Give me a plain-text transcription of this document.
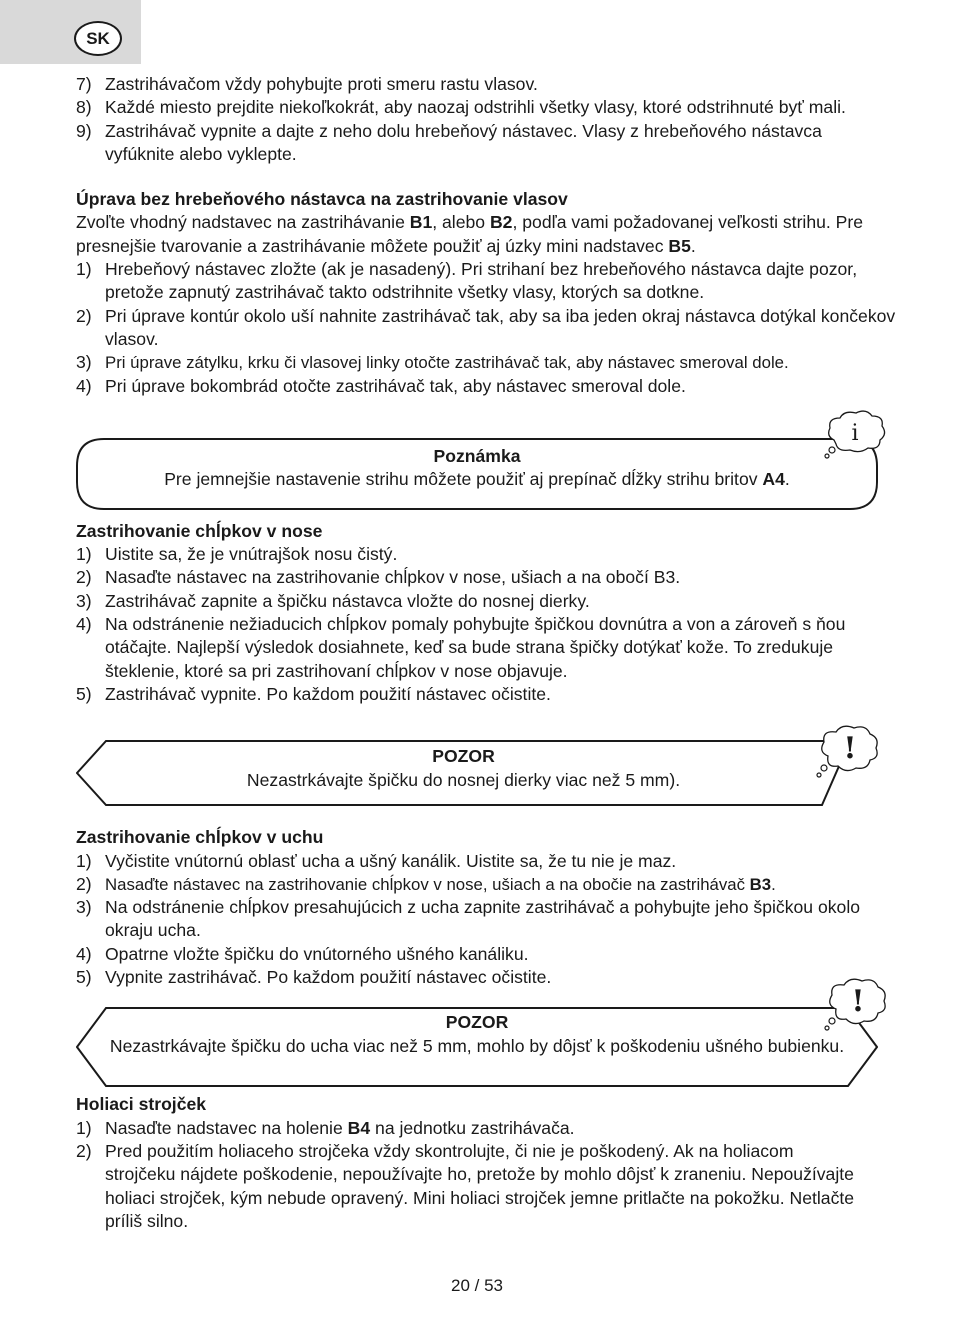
SK
7) Zastrihávačom vždy pohybujte proti smeru rastu vlasov.
8) Každé miesto prejdite niekoľkokrát, aby naozaj odstrihli všetky vlasy, ktoré odstrihnuté byť mali.
9) Zastrihávač vypnite a dajte z neho dolu hrebeňový nástavec. Vlasy z hrebeňového nástavca vyfúknite alebo vyklepte.
Úprava bez hrebeňového nástavca na zastrihovanie vlasov
Zvoľte vhodný nadstavec na zastrihávanie B1, alebo B2, podľa vami požadovanej veľkosti strihu. Pre presnejšie tvarovanie a zastrihávanie môžete použiť aj úzky mini nadstavec B5.
1) Hrebeňový nástavec zložte (ak je nasadený). Pri strihaní bez hrebeňového nástavca dajte pozor, pretože zapnutý zastrihávač takto odstrihnite všetky vlasy, ktorých sa dotkne.
2) Pri úprave kontúr okolo uší nahnite zastrihávač tak, aby sa iba jeden okraj nástavca dotýkal končekov vlasov.
3) Pri úprave zátylku, krku či vlasovej linky otočte zastrihávač tak, aby nástavec smeroval dole.
4) Pri úprave bokombrád otočte zastrihávač tak, aby nástavec smeroval dole.
Poznámka
Pre jemnejšie nastavenie strihu môžete použiť aj prepínač dĺžky strihu britov A4.
i
Zastrihovanie chĺpkov v nose
1) Uistite sa, že je vnútrajšok nosu čistý.
2) Nasaďte nástavec na zastrihovanie chĺpkov v nose, ušiach a na obočí B3.
3) Zastrihávač zapnite a špičku nástavca vložte do nosnej dierky.
4) Na odstránenie nežiaducich chĺpkov pomaly pohybujte špičkou dovnútra a von a zároveň s ňou otáčajte. Najlepší výsledok dosiahnete, keď sa bude strana špičky dotýkať kože. To zredukuje šteklenie, ktoré sa pri zastrihovaní chĺpkov v nose objavuje.
5) Zastrihávač vypnite. Po každom použití nástavec očistite.
POZOR
Nezastrkávajte špičku do nosnej dierky viac než 5 mm).
!
Zastrihovanie chĺpkov v uchu
1) Vyčistite vnútornú oblasť ucha a ušný kanálik. Uistite sa, že tu nie je maz.
2) Nasaďte nástavec na zastrihovanie chĺpkov v nose, ušiach a na obočie na zastrihávač B3.
3) Na odstránenie chĺpkov presahujúcich z ucha zapnite zastrihávač a pohybujte jeho špičkou okolo okraju ucha.
4) Opatrne vložte špičku do vnútorného ušného kanáliku.
5) Vypnite zastrihávač. Po každom použití nástavec očistite.
POZOR
Nezastrkávajte špičku do ucha viac než 5 mm, mohlo by dôjsť k poškodeniu ušného bubienku.
!
Holiaci strojček
1) Nasaďte nadstavec na holenie B4 na jednotku zastrihávača.
2) Pred použitím holiaceho strojčeka vždy skontrolujte, či nie je poškodený. Ak na holiacom strojčeku nájdete poškodenie, nepoužívajte ho, pretože by mohlo dôjsť k zraneniu. Nepoužívajte holiaci strojček, kým nebude opravený. Mini holiaci strojček jemne pritlačte na pokožku. Netlačte príliš silno.
20 / 53
